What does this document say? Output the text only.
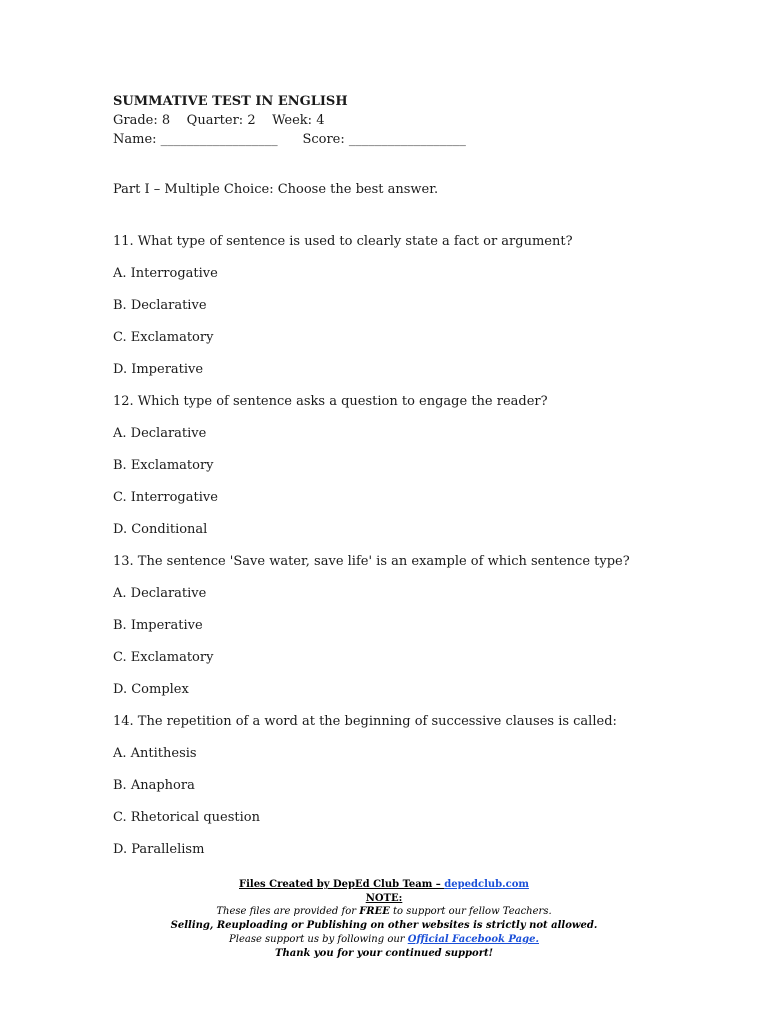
SUMMATIVE TEST IN ENGLISH
Grade: 8    Quarter: 2    Week: 4
Name: __________________      Score: __________________
Part I – Multiple Choice: Choose the best answer.
11. What type of sentence is used to clearly state a fact or argument?
A. Interrogative
B. Declarative
C. Exclamatory
D. Imperative
12. Which type of sentence asks a question to engage the reader?
A. Declarative
B. Exclamatory
C. Interrogative
D. Conditional
13. The sentence 'Save water, save life' is an example of which sentence type?
A. Declarative
B. Imperative
C. Exclamatory
D. Complex
14. The repetition of a word at the beginning of successive clauses is called:
A. Antithesis
B. Anaphora
C. Rhetorical question
D. Parallelism
Files Created by DepEd Club Team – depedclub.com
NOTE:
These files are provided for FREE to support our fellow Teachers.
Selling, Reuploading or Publishing on other websites is strictly not allowed.
Please support us by following our Official Facebook Page.
Thank you for your continued support!
